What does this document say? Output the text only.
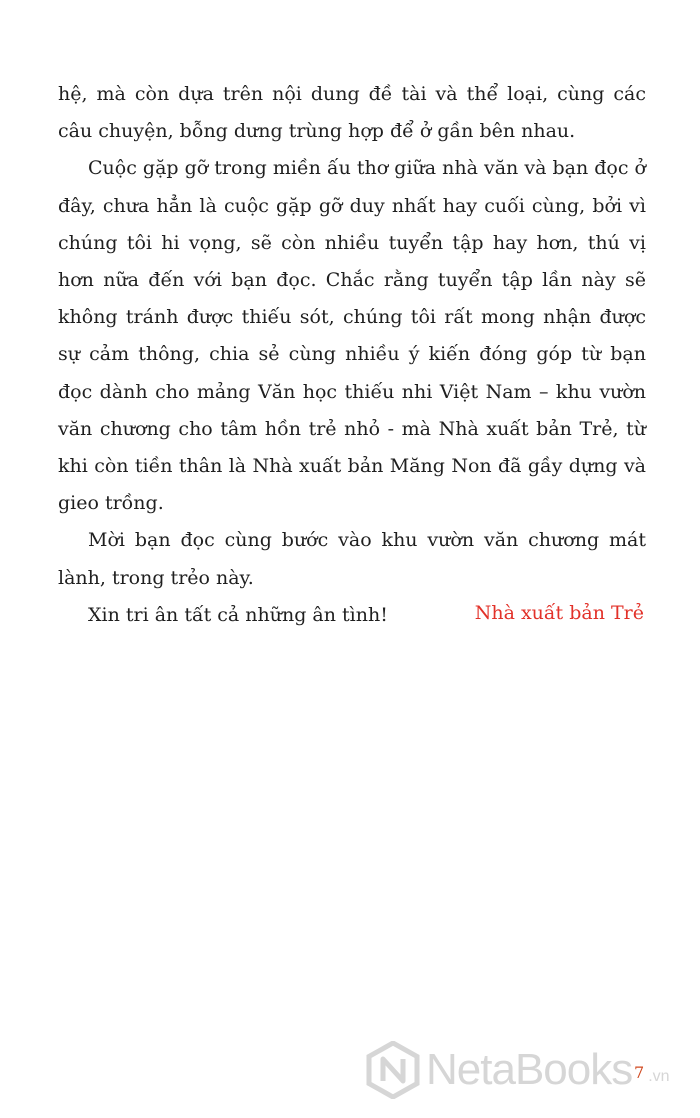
hệ, mà còn dựa trên nội dung đề tài và thể loại, cùng các câu chuyện, bỗng dưng trùng hợp để ở gần bên nhau.

Cuộc gặp gỡ trong miền ấu thơ giữa nhà văn và bạn đọc ở đây, chưa hẳn là cuộc gặp gỡ duy nhất hay cuối cùng, bởi vì chúng tôi hi vọng, sẽ còn nhiều tuyển tập hay hơn, thú vị hơn nữa đến với bạn đọc. Chắc rằng tuyển tập lần này sẽ không tránh được thiếu sót, chúng tôi rất mong nhận được sự cảm thông, chia sẻ cùng nhiều ý kiến đóng góp từ bạn đọc dành cho mảng Văn học thiếu nhi Việt Nam – khu vườn văn chương cho tâm hồn trẻ nhỏ - mà Nhà xuất bản Trẻ, từ khi còn tiền thân là Nhà xuất bản Măng Non đã gầy dựng và gieo trồng.

Mời bạn đọc cùng bước vào khu vườn văn chương mát lành, trong trẻo này.

Xin tri ân tất cả những ân tình!	Nhà xuất bản Trẻ
NetaBooks .vn
7
